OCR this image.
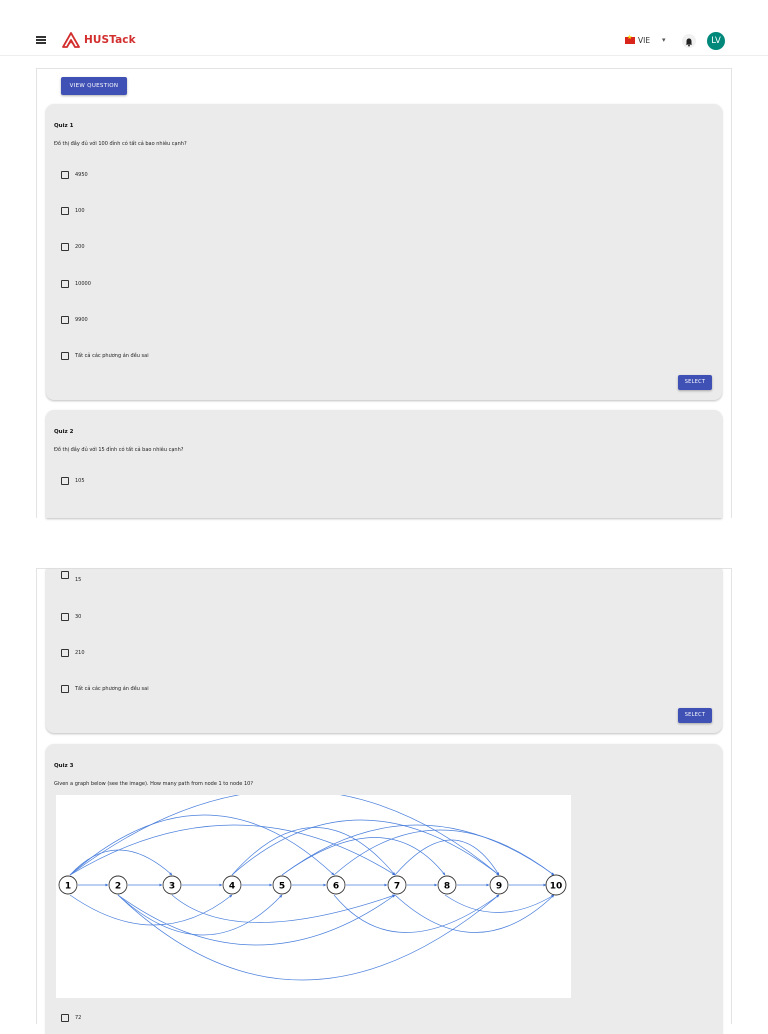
HUSTack
★	VIE ▾	LV
VIEW QUESTION
Quiz 1
Đồ thị đầy đủ với 100 đỉnh có tất cả bao nhiêu cạnh?
4950
100
200
10000
9900
Tất cả các phương án đều sai
SELECT
Quiz 2
Đồ thị đầy đủ với 15 đỉnh có tất cả bao nhiêu cạnh?
105
15
30
210
Tất cả các phương án đều sai
SELECT
Quiz 3
Given a graph below (see the image). How many path from node 1 to node 10?
1	2	3	4	5	6	7	8	9	10
72
